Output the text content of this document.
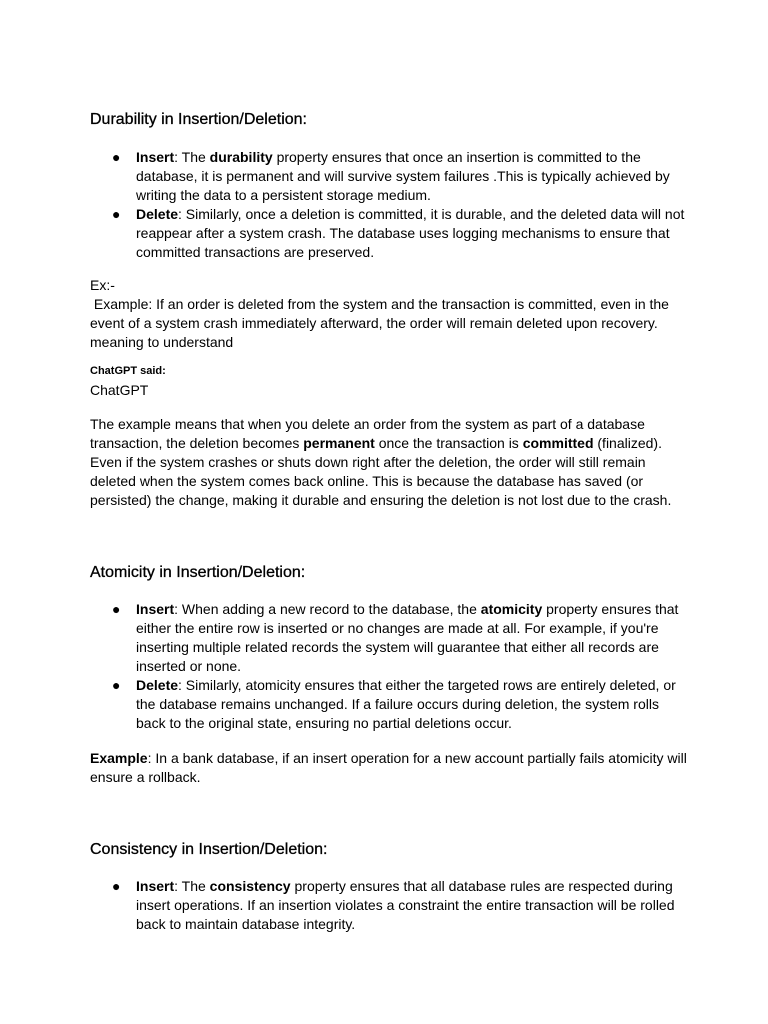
Durability in Insertion/Deletion:
● Insert: The durability property ensures that once an insertion is committed to the database, it is permanent and will survive system failures .This is typically achieved by writing the data to a persistent storage medium.
● Delete: Similarly, once a deletion is committed, it is durable, and the deleted data will not reappear after a system crash. The database uses logging mechanisms to ensure that committed transactions are preserved.

Ex:-

Example: If an order is deleted from the system and the transaction is committed, even in the event of a system crash immediately afterward, the order will remain deleted upon recovery.

meaning to understand

ChatGPT said:

ChatGPT

The example means that when you delete an order from the system as part of a database transaction, the deletion becomes permanent once the transaction is committed (finalized). Even if the system crashes or shuts down right after the deletion, the order will still remain deleted when the system comes back online. This is because the database has saved (or persisted) the change, making it durable and ensuring the deletion is not lost due to the crash.

Atomicity in Insertion/Deletion:
● Insert: When adding a new record to the database, the atomicity property ensures that either the entire row is inserted or no changes are made at all. For example, if you're inserting multiple related records the system will guarantee that either all records are inserted or none.
● Delete: Similarly, atomicity ensures that either the targeted rows are entirely deleted, or the database remains unchanged. If a failure occurs during deletion, the system rolls back to the original state, ensuring no partial deletions occur.

Example: In a bank database, if an insert operation for a new account partially fails atomicity will ensure a rollback.

Consistency in Insertion/Deletion:
● Insert: The consistency property ensures that all database rules are respected during insert operations. If an insertion violates a constraint the entire transaction will be rolled back to maintain database integrity.
